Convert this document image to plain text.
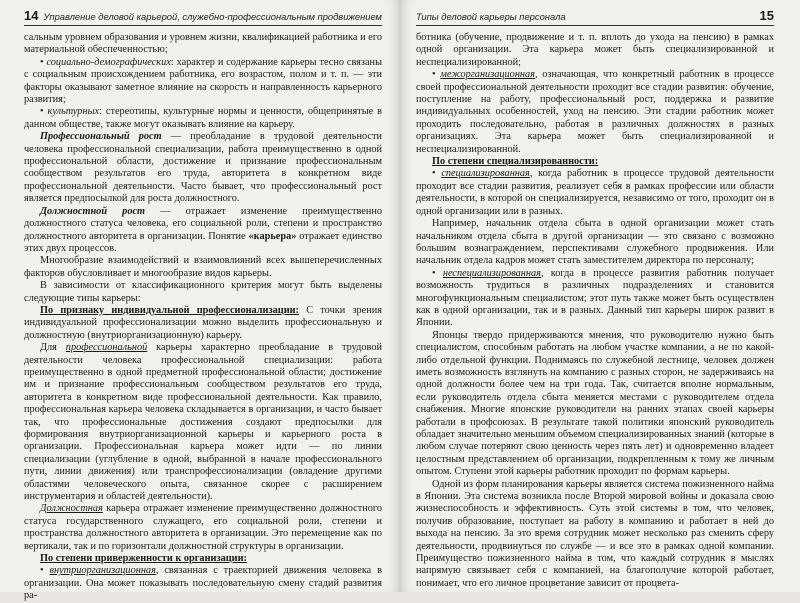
14 Управление деловой карьерой, служебно-профессиональным продвижением

сальным уровнем образования и уровнем жизни, квалификацией работника и его материальной обеспеченностью;

• социально-демографических: характер и содержание карьеры тесно связаны с социальным происхождением работника, его возрастом, полом и т. п. — эти факторы оказывают заметное влияние на скорость и направленность карьерного развития;

• культурных: стереотипы, культурные нормы и ценности, общепринятые в данном обществе, также могут оказывать влияние на карьеру.

Профессиональный рост — преобладание в трудовой деятельности человека профессиональной специализации, работа преимущественно в одной профессиональной области, достижение и признание профессиональным сообществом результатов его труда, авторитета в конкретном виде профессиональной деятельности. Часто бывает, что профессиональный рост является предпосылкой для роста должностного.

Должностной рост — отражает изменение преимущественно должностного статуса человека, его социальной роли, степени и пространство должностного авторитета в организации. Понятие «карьера» отражает единство этих двух процессов.

Многообразие взаимодействий и взаимовлияний всех вышеперечисленных факторов обусловливает и многообразие видов карьеры.

В зависимости от классификационного критерия могут быть выделены следующие типы карьеры:

По признаку индивидуальной профессионализации: С точки зрения индивидуальной профессионализации можно выделить профессиональную и должностную (внутриорганизационную) карьеру.

Для профессиональной карьеры характерно преобладание в трудовой деятельности человека профессиональной специализации: работа преимущественно в одной предметной профессиональной области; достижение им и признание профессиональным сообществом результатов его труда, авторитета в конкретном виде профессиональной деятельности. Как правило, профессиональная карьера человека складывается в организации, и часто бывает так, что профессиональные достижения создают предпосылки для формирования внутриорганизационной карьеры и карьерного роста в организации. Профессиональная карьера может идти — по линии специализации (углубление в одной, выбранной в начале профессионального пути, линии движения) или транспрофессионализации (овладение другими областями человеческого опыта, связанное скорее с расширением инструментария и областей деятельности).

Должностная карьера отражает изменение преимущественно должностного статуса государственного служащего, его социальной роли, степени и пространства должностного авторитета в организации. Это перемещение как по вертикали, так и по горизонтали должностной структуры в организации.

По степени приверженности к организации:

• внутриорганизационная, связанная с траекторией движения человека в организации. Она может показывать последовательную смену стадий развития ра-

Типы деловой карьеры персонала	15

ботника (обучение, продвижение и т. п. вплоть до ухода на пенсию) в рамках одной организации. Эта карьера может быть специализированной и неспециализированной;

• межорганизационная, означающая, что конкретный работник в процессе своей профессиональной деятельности проходит все стадии развития: обучение, поступление на работу, профессиональный рост, поддержка и развитие индивидуальных особенностей, уход на пенсию. Эти стадии работник может проходить последовательно, работая в различных должностях в разных организациях. Эта карьера может быть специализированной и неспециализированной.

По степени специализированности:

• специализированная, когда работник в процессе трудовой деятельности проходит все стадии развития, реализует себя в рамках профессии или области деятельности, в которой он специализируется, независимо от того, проходит он в одной организации или в разных.

Например, начальник отдела сбыта в одной организации может стать начальником отдела сбыта в другой организации — это связано с возможно большим вознаграждением, перспективами служебного продвижения. Или начальник отдела кадров может стать заместителем директора по персоналу;

• неспециализированная, когда в процессе развития работник получает возможность трудиться в различных подразделениях и становится многофункциональным специалистом; этот путь также может быть осуществлен как в одной организации, так и в разных. Данный тип карьеры широк развит в Японии.

Японцы твердо придерживаются мнения, что руководителю нужно быть специалистом, способным работать на любом участке компании, а не по какой-либо отдельной функции. Поднимаясь по служебной лестнице, человек должен иметь возможность взглянуть на компанию с разных сторон, не задерживаясь на одной должности более чем на три года. Так, считается вполне нормальным, если руководитель отдела сбыта меняется местами с руководителем отдела снабжения. Многие японские руководители на ранних этапах своей карьеры работали в профсоюзах. В результате такой политики японский руководитель обладает значительно меньшим объемом специализированных знаний (которые в любом случае потеряют свою ценность через пять лет) и одновременно владеет целостным представлением об организации, подкрепленным к тому же личным опытом. Ступени этой карьеры работник проходит по формам карьеры.

Одной из форм планирования карьеры является система пожизненного найма в Японии. Эта система возникла после Второй мировой войны и доказала свою жизнеспособность и эффективность. Суть этой системы в том, что человек, получив образование, поступает на работу в компанию и работает в ней до выхода на пенсию. За это время сотрудник может несколько раз сменить сферу деятельности, продвинуться по службе — и все это в рамках одной компании. Преимущество пожизненного найма в том, что каждый сотрудник в мыслях напрямую связывает себя с компанией, на благополучие которой работает, понимает, что его личное процветание зависит от процвета-
